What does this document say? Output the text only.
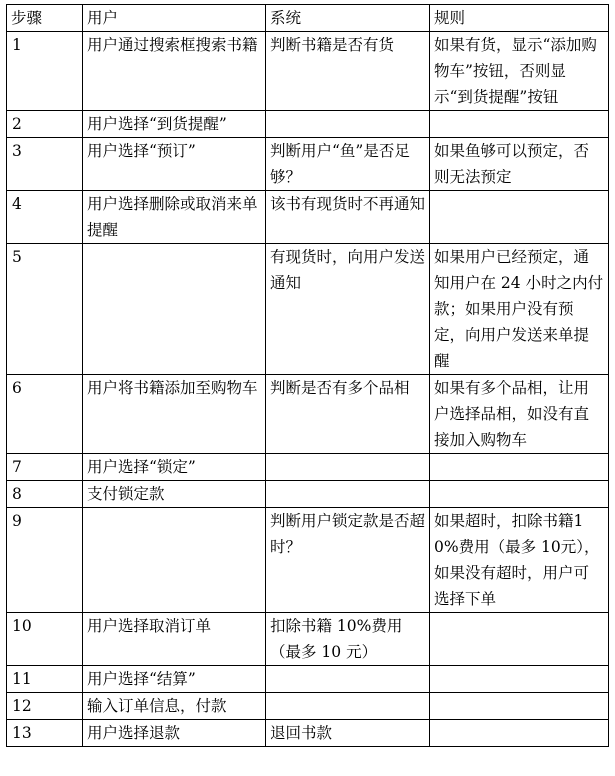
步骤	用户	系统	规则
1	用户通过搜索框搜索书籍	判断书籍是否有货	如果有货，显示“添加购物车”按钮，否则显示“到货提醒”按钮
2	用户选择“到货提醒”		
3	用户选择“预订”	判断用户“鱼”是否足够？	如果鱼够可以预定，否则无法预定
4	用户选择删除或取消来单提醒	该书有现货时不再通知	
5		有现货时，向用户发送通知	如果用户已经预定，通知用户在 24 小时之内付款；如果用户没有预定，向用户发送来单提醒
6	用户将书籍添加至购物车	判断是否有多个品相	如果有多个品相，让用户选择品相，如没有直接加入购物车
7	用户选择“锁定”		
8	支付锁定款		
9		判断用户锁定款是否超时？	如果超时，扣除书籍10%费用（最多 10元），如果没有超时，用户可选择下单
10	用户选择取消订单	扣除书籍 10%费用（最多 10 元）	
11	用户选择“结算”		
12	输入订单信息，付款		
13	用户选择退款	退回书款	
